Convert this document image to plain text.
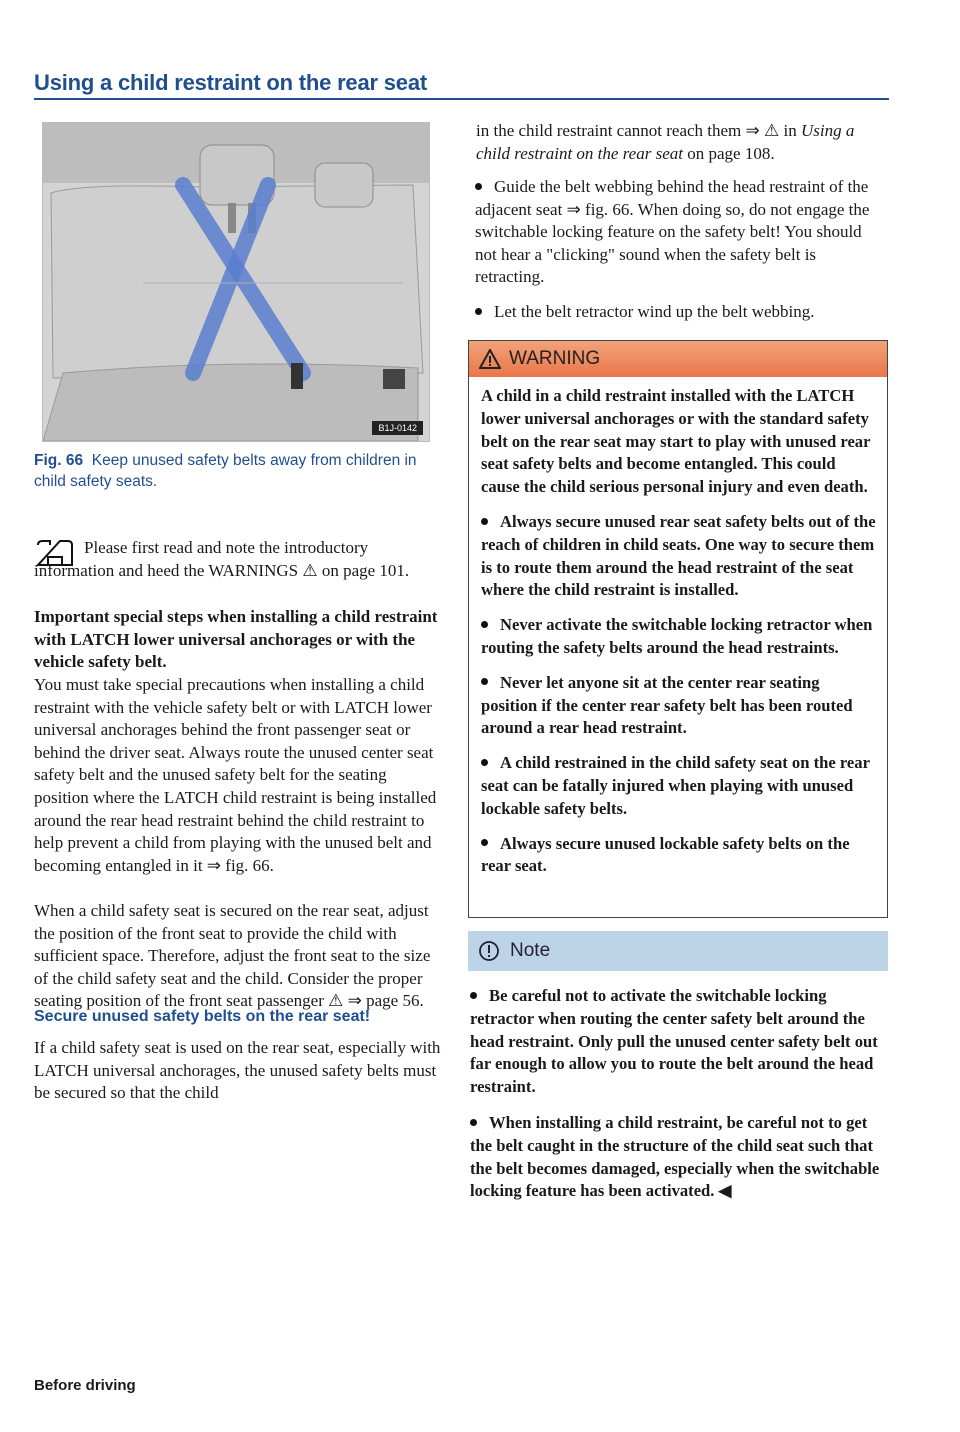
Using a child restraint on the rear seat
B1J-0142
Fig. 66 Keep unused safety belts away from children in child safety seats.
Please first read and note the introductory information and heed the WARNINGS ⚠ on page 101.
Important special steps when installing a child restraint with LATCH lower universal anchorages or with the vehicle safety belt.
You must take special precautions when installing a child restraint with the vehicle safety belt or with LATCH lower universal anchorages behind the front passenger seat or behind the driver seat. Always route the unused center seat safety belt and the unused safety belt for the seating position where the LATCH child restraint is being installed around the rear head restraint behind the child restraint to help prevent a child from playing with the unused belt and becoming entangled in it ⇒ fig. 66.
When a child safety seat is secured on the rear seat, adjust the position of the front seat to provide the child with sufficient space. Therefore, adjust the front seat to the size of the child safety seat and the child. Consider the proper seating position of the front seat passenger ⚠ ⇒ page 56.
Secure unused safety belts on the rear seat!
If a child safety seat is used on the rear seat, especially with LATCH universal anchorages, the unused safety belts must be secured so that the child
in the child restraint cannot reach them ⇒ ⚠ in Using a child restraint on the rear seat on page 108.
Guide the belt webbing behind the head restraint of the adjacent seat ⇒ fig. 66. When doing so, do not engage the switchable locking feature on the safety belt! You should not hear a "clicking" sound when the safety belt is retracting.
Let the belt retractor wind up the belt webbing.
WARNING

A child in a child restraint installed with the LATCH lower universal anchorages or with the standard safety belt on the rear seat may start to play with unused rear seat safety belts and become entangled. This could cause the child serious personal injury and even death.

Always secure unused rear seat safety belts out of the reach of children in child seats. One way to secure them is to route them around the head restraint of the seat where the child restraint is installed.

Never activate the switchable locking retractor when routing the safety belts around the head restraints.

Never let anyone sit at the center rear seating position if the center rear safety belt has been routed around a rear head restraint.

A child restrained in the child safety seat on the rear seat can be fatally injured when playing with unused lockable safety belts.

Always secure unused lockable safety belts on the rear seat.

Note

Be careful not to activate the switchable locking retractor when routing the center safety belt around the head restraint. Only pull the unused center safety belt out far enough to allow you to route the belt around the head restraint.

When installing a child restraint, be careful not to get the belt caught in the structure of the child seat such that the belt becomes damaged, especially when the switchable locking feature has been activated. ◀

Before driving
